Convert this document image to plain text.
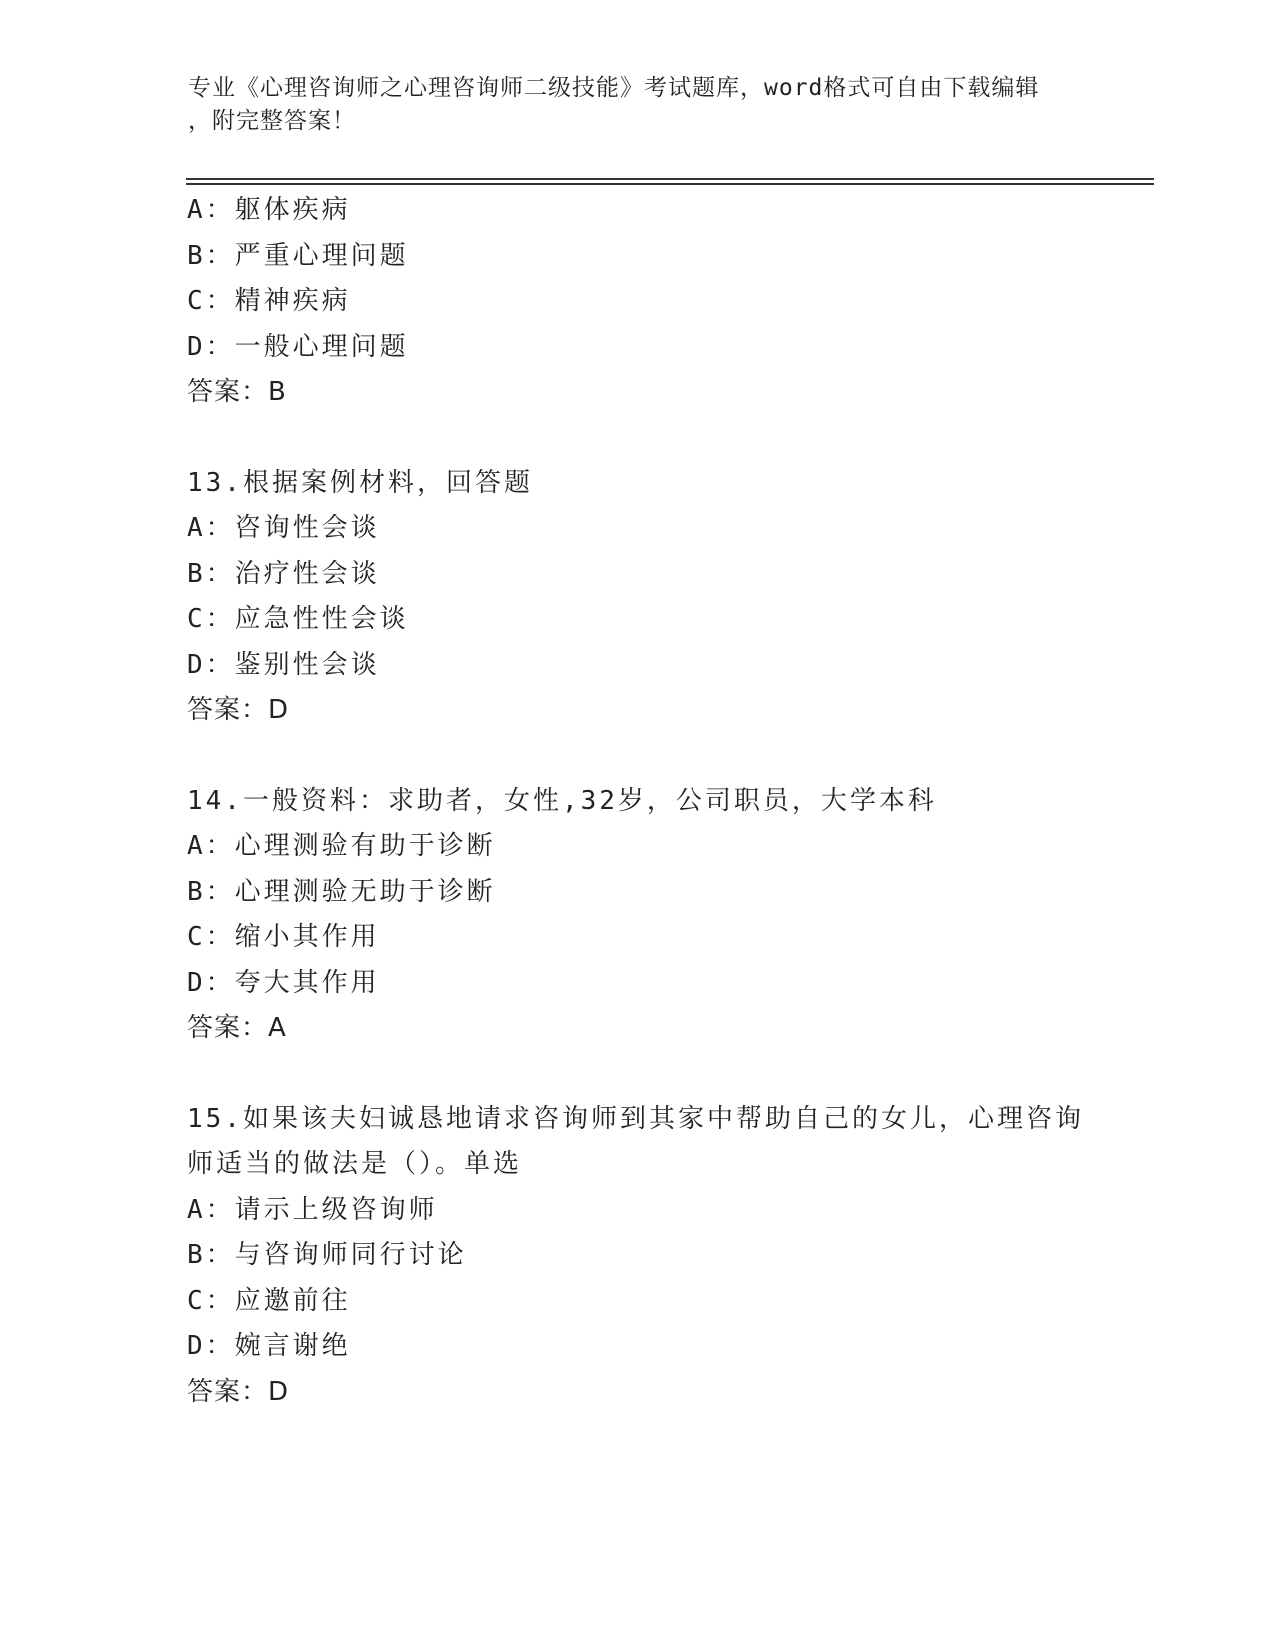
专业《心理咨询师之心理咨询师二级技能》考试题库，word格式可自由下载编辑
，附完整答案！
A：躯体疾病
B：严重心理问题
C：精神疾病
D：一般心理问题
答案：B
13.根据案例材料，回答题
A：咨询性会谈
B：治疗性会谈
C：应急性性会谈
D：鉴别性会谈
答案：D
14.一般资料：求助者，女性,32岁，公司职员，大学本科
A：心理测验有助于诊断
B：心理测验无助于诊断
C：缩小其作用
D：夸大其作用
答案：A
15.如果该夫妇诚恳地请求咨询师到其家中帮助自己的女儿，心理咨询
师适当的做法是（）。单选
A：请示上级咨询师
B：与咨询师同行讨论
C：应邀前往
D：婉言谢绝
答案：D
